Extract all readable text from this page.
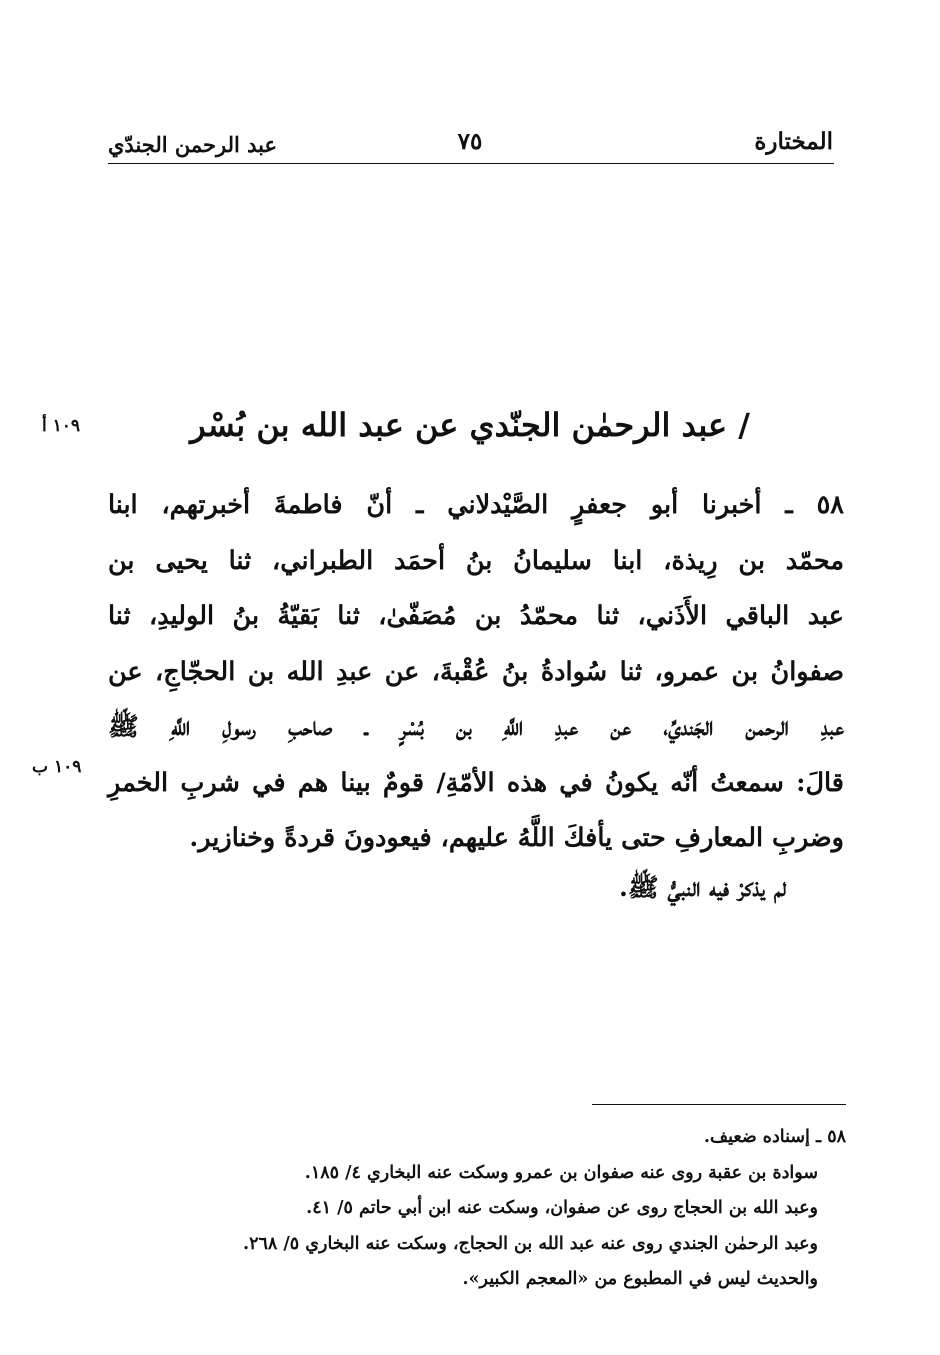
المختارة
٧٥
عبد الرحمن الجندّي
/ عبد الرحمٰن الجنّدي عن عبد الله بن بُسْر
١٠٩ أ
١٠٩ ب
٥٨ ـ أخبرنا أبو جعفرٍ الصَّيْدلاني ـ أنّ فاطمةَ أخبرتهم، ابنا
محمّد بن رِيذة، ابنا سليمانُ بنُ أحمَد الطبراني، ثنا يحيى بن
عبد الباقي الأَذَني، ثنا محمّدُ بن مُصَفّىٰ، ثنا بَقيّةُ بنُ الوليدِ، ثنا
صفوانُ بن عمرو، ثنا سُوادةُ بنُ عُقْبةَ، عن عبدِ الله بن الحجّاجِ، عن
عبدِ الرحمن الجَنديِّ، عن عبدِ اللَّهِ بن بُسْرٍ ـ صاحبِ رسولِ اللَّهِ ﷺ
قالَ: سمعتُ أنّه يكونُ في هذه الأمّةِ/ قومٌ بينا هم في شربِ الخمرِ
وضربِ المعارفِ حتى يأفكَ اللَّهُ عليهم، فيعودونَ قردةً وخنازير.
لم يذكرْ فيه النبيُّ ﷺ.
٥٨ ـ إسناده ضعيف.
سوادة بن عقبة روى عنه صفوان بن عمرو وسكت عنه البخاري ٤/ ١٨٥.
وعبد الله بن الحجاج روى عن صفوان، وسكت عنه ابن أبي حاتم ٥/ ٤١.
وعبد الرحمٰن الجندي روى عنه عبد الله بن الحجاج، وسكت عنه البخاري ٥/ ٢٦٨.
والحديث ليس في المطبوع من «المعجم الكبير».
